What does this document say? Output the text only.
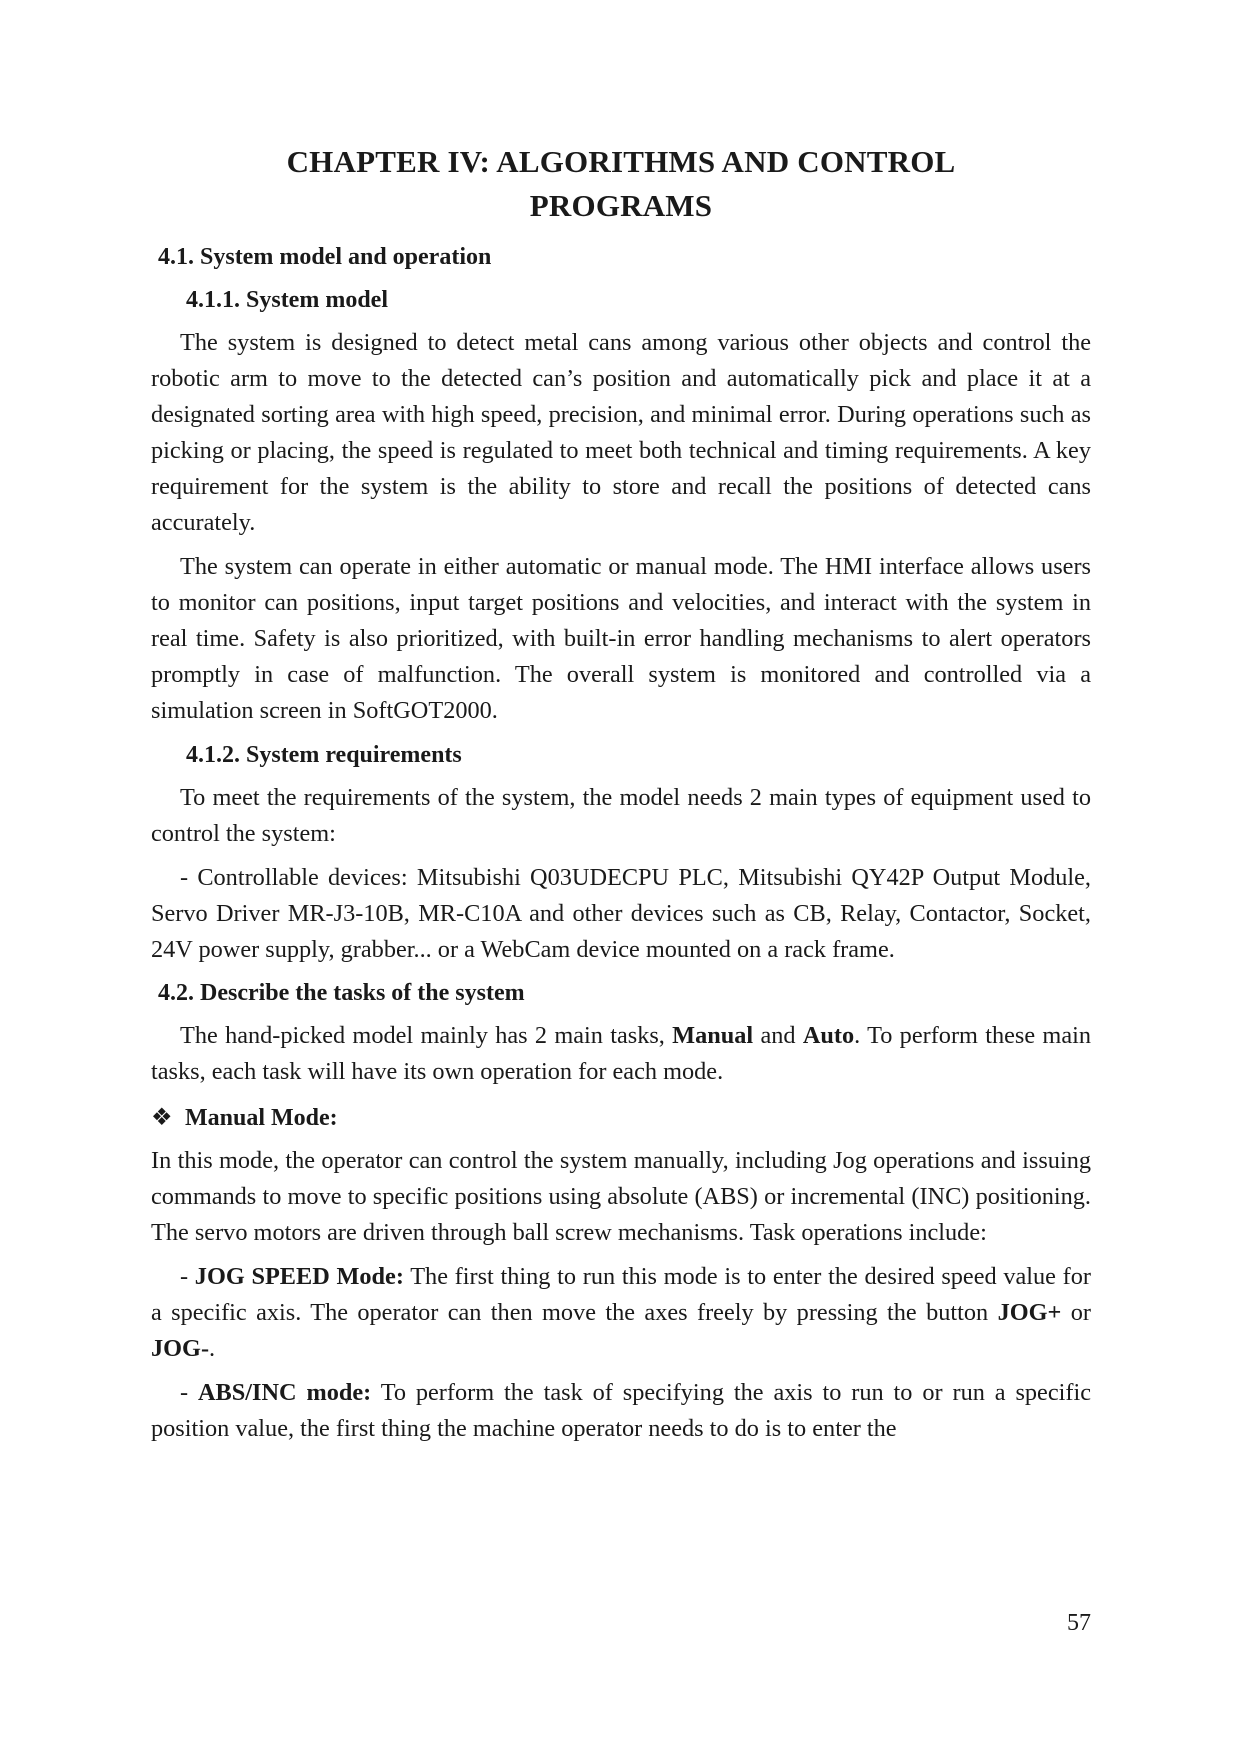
CHAPTER IV: ALGORITHMS AND CONTROL
PROGRAMS
4.1. System model and operation
4.1.1. System model

The system is designed to detect metal cans among various other objects and control the robotic arm to move to the detected can’s position and automatically pick and place it at a designated sorting area with high speed, precision, and minimal error. During operations such as picking or placing, the speed is regulated to meet both technical and timing requirements. A key requirement for the system is the ability to store and recall the positions of detected cans accurately.

The system can operate in either automatic or manual mode. The HMI interface allows users to monitor can positions, input target positions and velocities, and interact with the system in real time. Safety is also prioritized, with built-in error handling mechanisms to alert operators promptly in case of malfunction. The overall system is monitored and controlled via a simulation screen in SoftGOT2000.

4.1.2. System requirements

To meet the requirements of the system, the model needs 2 main types of equipment used to control the system:

- Controllable devices: Mitsubishi Q03UDECPU PLC, Mitsubishi QY42P Output Module, Servo Driver MR-J3-10B, MR-C10A and other devices such as CB, Relay, Contactor, Socket, 24V power supply, grabber... or a WebCam device mounted on a rack frame.

4.2. Describe the tasks of the system

The hand-picked model mainly has 2 main tasks, Manual and Auto. To perform these main tasks, each task will have its own operation for each mode.

❖ Manual Mode:

In this mode, the operator can control the system manually, including Jog operations and issuing commands to move to specific positions using absolute (ABS) or incremental (INC) positioning. The servo motors are driven through ball screw mechanisms. Task operations include:

- JOG SPEED Mode: The first thing to run this mode is to enter the desired speed value for a specific axis. The operator can then move the axes freely by pressing the button JOG+ or JOG-.

- ABS/INC mode: To perform the task of specifying the axis to run to or run a specific position value, the first thing the machine operator needs to do is to enter the

57
